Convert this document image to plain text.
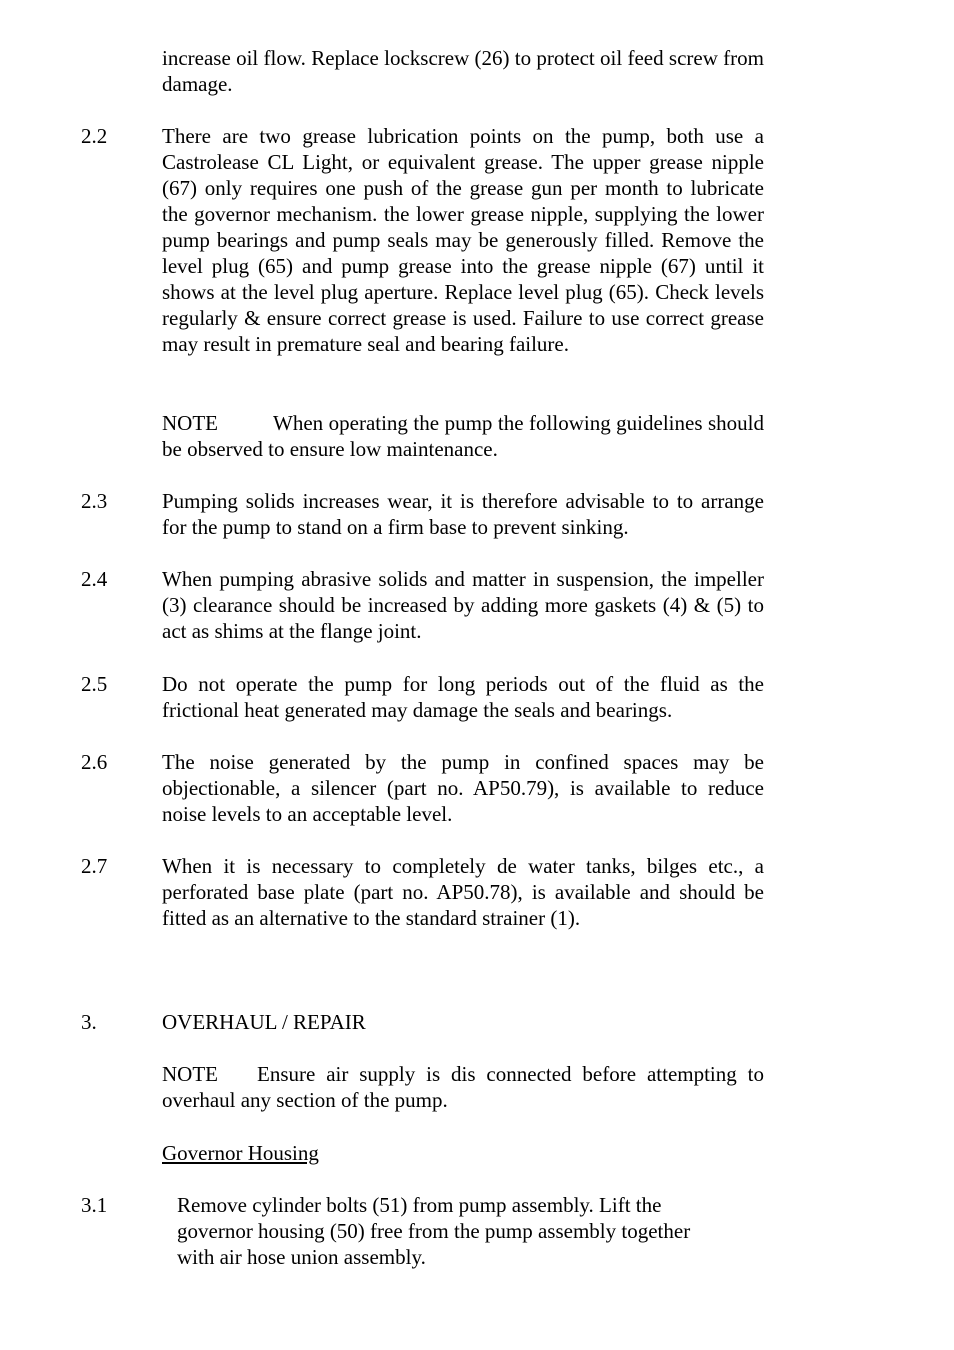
increase oil flow. Replace lockscrew (26) to protect oil feed screw from damage.
2.2	There are two grease lubrication points on the pump, both use a Castrolease CL Light, or equivalent grease. The upper grease nipple (67) only requires one push of the grease gun per month to lubricate the governor mechanism. the lower grease nipple, supplying the lower pump bearings and pump seals may be generously filled. Remove the level plug (65) and pump grease into the grease nipple (67) until it shows at the level plug aperture. Replace level plug (65). Check levels regularly & ensure correct grease is used. Failure to use correct grease may result in premature seal and bearing failure.
NOTE	When operating the pump the following guidelines should be observed to ensure low maintenance.
2.3	Pumping solids increases wear, it is therefore advisable to to arrange for the pump to stand on a firm base to prevent sinking.
2.4	When pumping abrasive solids and matter in suspension, the impeller (3) clearance should be increased by adding more gaskets (4) & (5) to act as shims at the flange joint.
2.5	Do not operate the pump for long periods out of the fluid as the frictional heat generated may damage the seals and bearings.
2.6	The noise generated by the pump in confined spaces may be objectionable, a silencer (part no. AP50.79), is available to reduce noise levels to an acceptable level.
2.7	When it is necessary to completely de water tanks, bilges etc., a perforated base plate (part no. AP50.78), is available and should be fitted as an alternative to the standard strainer (1).
3.	OVERHAUL / REPAIR
NOTE Ensure air supply is dis connected before attempting to overhaul any section of the pump.
Governor Housing
3.1	Remove cylinder bolts (51) from pump assembly. Lift the
governor housing (50) free from the pump assembly together
with air hose union assembly.
